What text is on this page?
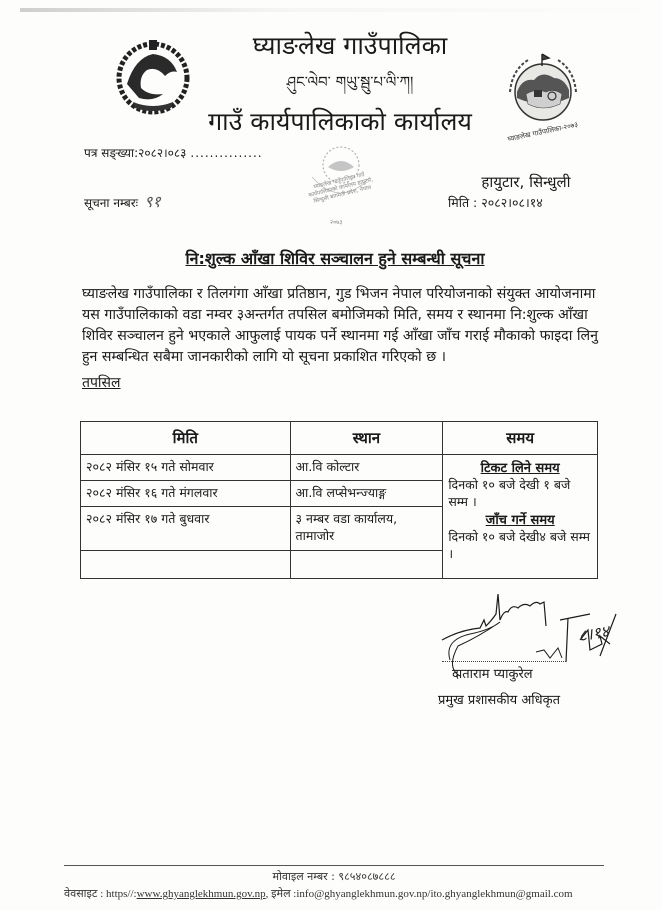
घ्याङलेख गाउँपालिका
ཤུང་ལེབ་ གཡུ་སྦུ་པ་ལི་ཀ།
गाउँ कार्यपालिकाको कार्यालय	घ्याङलेख गाउँपालिका-२०७३
पत्र सङ्ख्या:२०८२।०८३ ...............
घ्याङलेख गाउँपालिका गाउँ कार्यपालिकाको कार्यालय हायुटार, सिन्धुली बागमती प्रदेश, नेपाल
२०७३
सूचना नम्बरः ९१
हायुटार, सिन्धुली
मिति : २०८२।०८।१४
नि:शुल्क आँखा शिविर सञ्चालन हुने सम्बन्धी सूचना
घ्याङलेख गाउँपालिका र तिलगंगा आँखा प्रतिष्ठान, गुड भिजन नेपाल परियोजनाको संयुक्त आयोजनामा यस गाउँपालिकाको वडा नम्वर ३अन्तर्गत तपसिल बमोजिमको मिति, समय र स्थानमा नि:शुल्क आँखा शिविर सञ्चालन हुने भएकाले आफुलाई पायक पर्ने स्थानमा गई आँखा जाँच गराई मौकाको फाइदा लिनु हुन सम्बन्धित सबैमा जानकारीको लागि यो सूचना प्रकाशित गरिएको छ ।
तपसिल
मिति	स्थान	समय
२०८२ मंसिर १५ गते सोमवार	आ.वि कोल्टार	टिकट लिने समय
दिनको १० बजे देखी १ बजे सम्म ।
जाँच गर्ने समय
दिनको १० बजे देखी४ बजे सम्म ।
२०८२ मंसिर १६ गते मंगलवार	आ.वि लप्सेभन्ज्याङ्ग	
२०८२ मंसिर १७ गते बुधवार	३ नम्बर वडा कार्यालय, तामाजोर	

८।१४
दाताराम प्याकुरेल
प्रमुख प्रशासकीय अधिकृत
मोवाइल नम्बर : ९८५४०८७८८८
वेवसाइट : https//:www.ghyanglekhmun.gov.np, इमेल :info@ghyanglekhmun.gov.np/ito.ghyanglekhmun@gmail.com
